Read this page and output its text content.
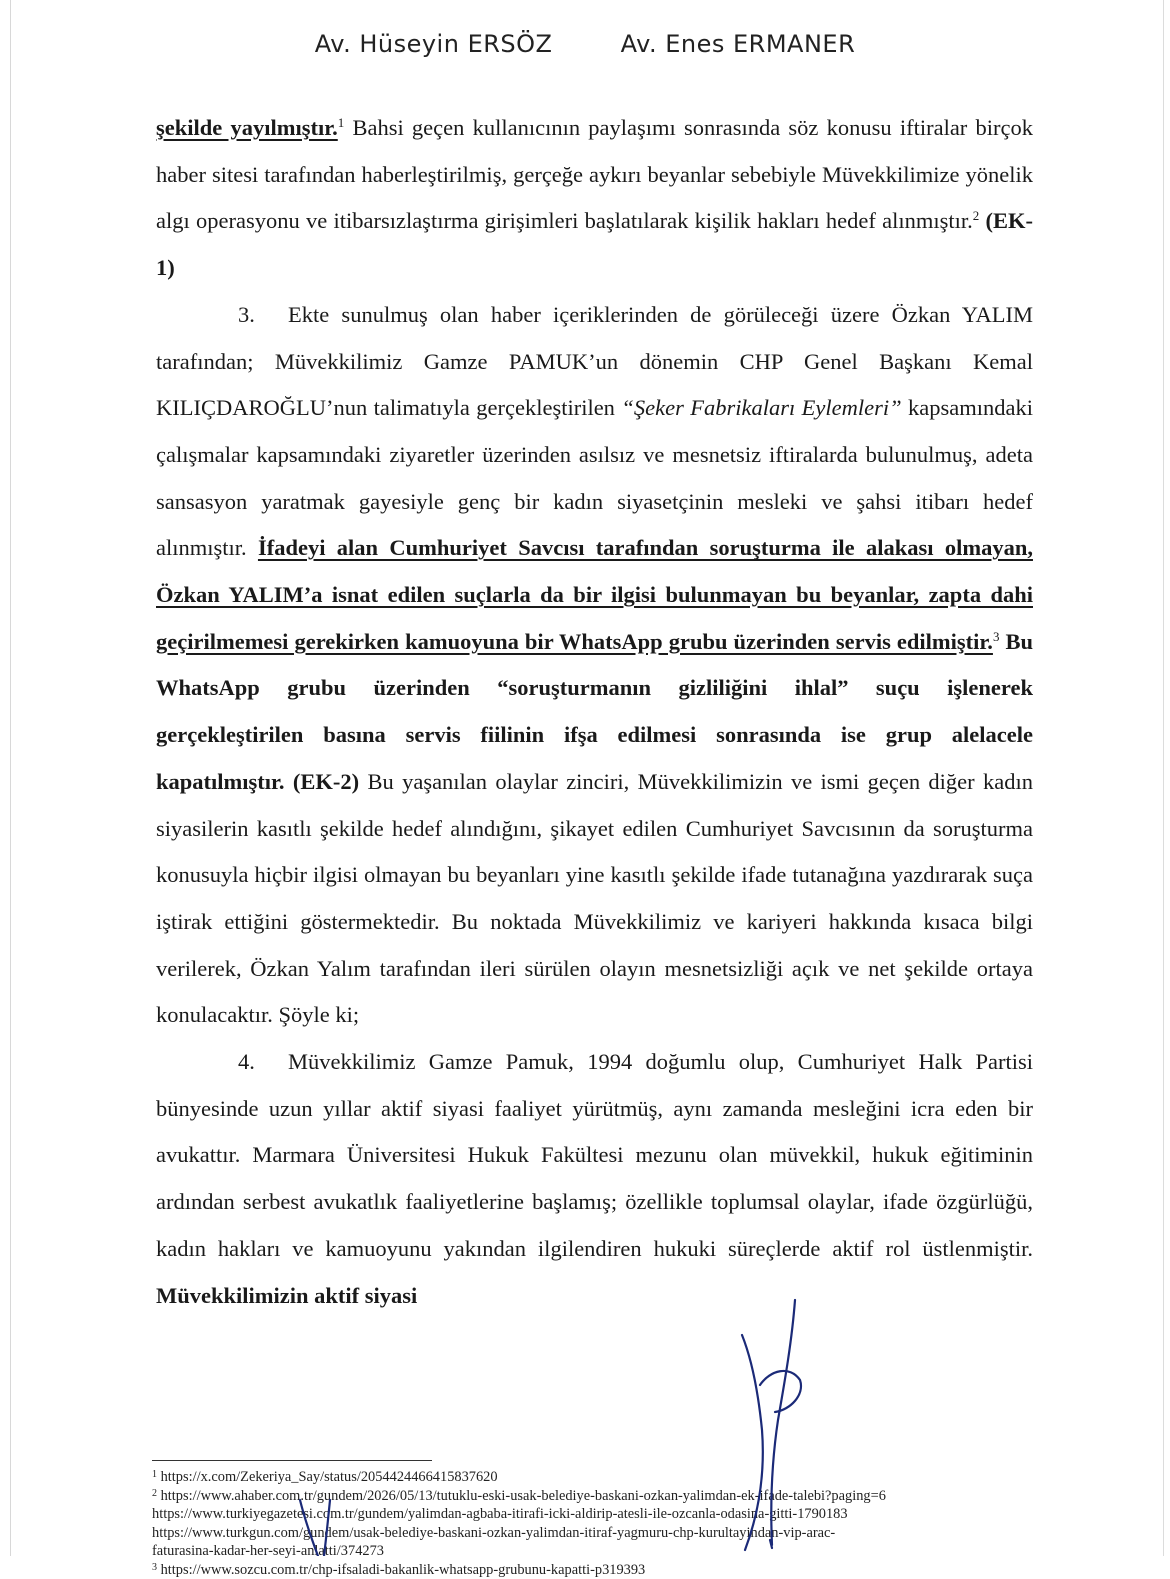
Av. Hüseyin ERSÖZ	Av. Enes ERMANER

şekilde yayılmıştır.$^1$ Bahsi geçen kullanıcının paylaşımı sonrasında söz konusu iftiralar birçok haber sitesi tarafından haberleştirilmiş, gerçeğe aykırı beyanlar sebebiyle Müvekkilimize yönelik algı operasyonu ve itibarsızlaştırma girişimleri başlatılarak kişilik hakları hedef alınmıştır.$^2$ (EK-1)

3. Ekte sunulmuş olan haber içeriklerinden de görüleceği üzere Özkan YALIM tarafından; Müvekkilimiz Gamze PAMUK’un dönemin CHP Genel Başkanı Kemal KILIÇDAROĞLU’nun talimatıyla gerçekleştirilen “Şeker Fabrikaları Eylemleri” kapsamındaki çalışmalar kapsamındaki ziyaretler üzerinden asılsız ve mesnetsiz iftiralarda bulunulmuş, adeta sansasyon yaratmak gayesiyle genç bir kadın siyasetçinin mesleki ve şahsi itibarı hedef alınmıştır. İfadeyi alan Cumhuriyet Savcısı tarafından soruşturma ile alakası olmayan, Özkan YALIM’a isnat edilen suçlarla da bir ilgisi bulunmayan bu beyanlar, zapta dahi geçirilmemesi gerekirken kamuoyuna bir WhatsApp grubu üzerinden servis edilmiştir.$^3$ Bu WhatsApp grubu üzerinden “soruşturmanın gizliliğini ihlal” suçu işlenerek gerçekleştirilen basına servis fiilinin ifşa edilmesi sonrasında ise grup alelacele kapatılmıştır. (EK-2) Bu yaşanılan olaylar zinciri, Müvekkilimizin ve ismi geçen diğer kadın siyasilerin kasıtlı şekilde hedef alındığını, şikayet edilen Cumhuriyet Savcısının da soruşturma konusuyla hiçbir ilgisi olmayan bu beyanları yine kasıtlı şekilde ifade tutanağına yazdırarak suça iştirak ettiğini göstermektedir. Bu noktada Müvekkilimiz ve kariyeri hakkında kısaca bilgi verilerek, Özkan Yalım tarafından ileri sürülen olayın mesnetsizliği açık ve net şekilde ortaya konulacaktır. Şöyle ki;

4. Müvekkilimiz Gamze Pamuk, 1994 doğumlu olup, Cumhuriyet Halk Partisi bünyesinde uzun yıllar aktif siyasi faaliyet yürütmüş, aynı zamanda mesleğini icra eden bir avukattır. Marmara Üniversitesi Hukuk Fakültesi mezunu olan müvekkil, hukuk eğitiminin ardından serbest avukatlık faaliyetlerine başlamış; özellikle toplumsal olaylar, ifade özgürlüğü, kadın hakları ve kamuoyunu yakından ilgilendiren hukuki süreçlerde aktif rol üstlenmiştir. Müvekkilimizin aktif siyasi

$^1$ https://x.com/Zekeriya_Say/status/2054424466415837620
$^2$ https://www.ahaber.com.tr/gundem/2026/05/13/tutuklu-eski-usak-belediye-baskani-ozkan-yalimdan-ek-ifade-talebi?paging=6
https://www.turkiyegazetesi.com.tr/gundem/yalimdan-agbaba-itirafi-icki-aldirip-atesli-ile-ozcanla-odasina-gitti-1790183
https://www.turkgun.com/gundem/usak-belediye-baskani-ozkan-yalimdan-itiraf-yagmuru-chp-kurultayindan-vip-arac-
faturasina-kadar-her-seyi-anlatti/374273
$^3$ https://www.sozcu.com.tr/chp-ifsaladi-bakanlik-whatsapp-grubunu-kapatti-p319393
